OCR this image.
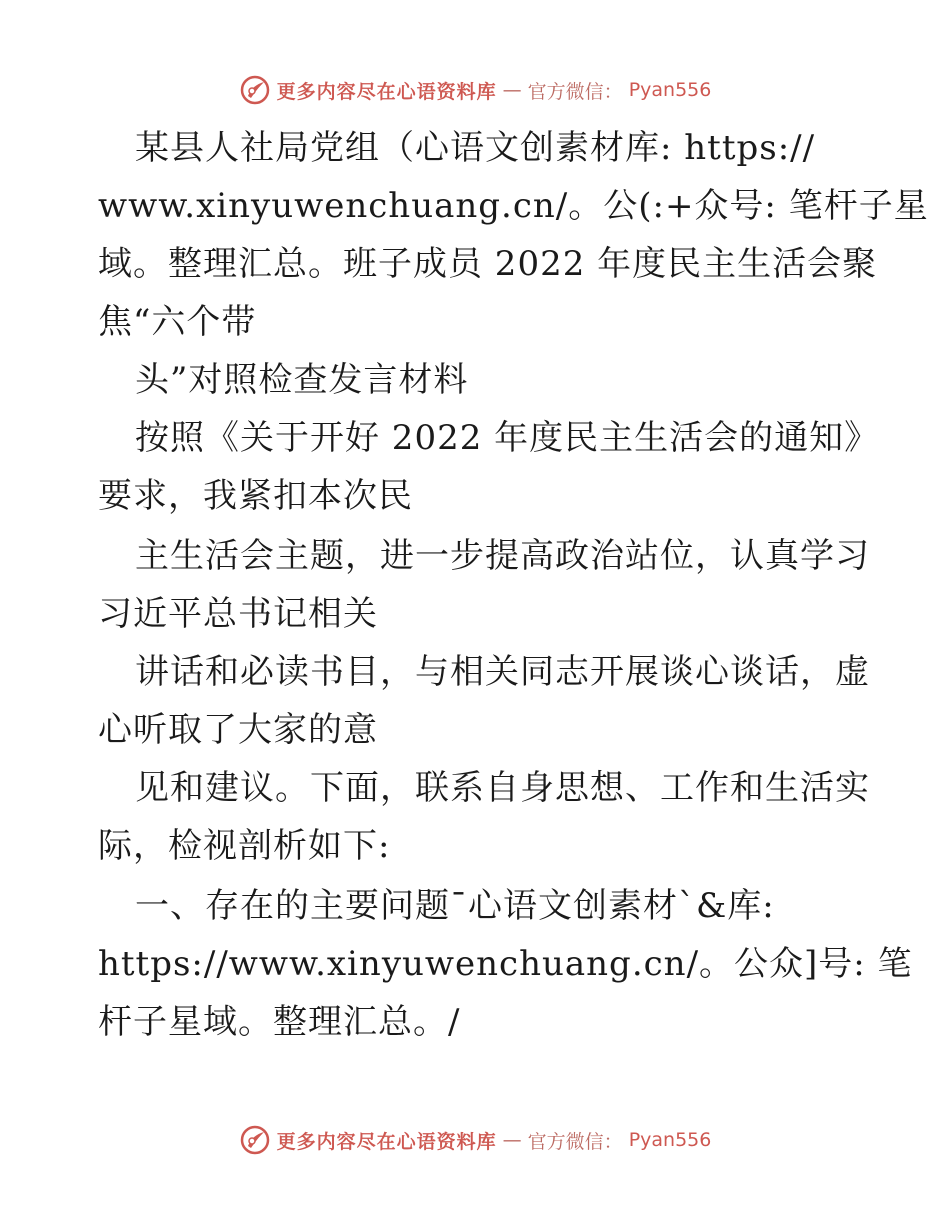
更多内容尽在心语资料库 — 官方微信： Pyan556
某县人社局党组（心语文创素材库: https://
www.xinyuwenchuang.cn/。公(:+众号: 笔杆子星
域。整理汇总。班子成员 2022 年度民主生活会聚
焦“六个带
头”对照检查发言材料
按照《关于开好 2022 年度民主生活会的通知》
要求，我紧扣本次民
主生活会主题，进一步提高政治站位，认真学习
习近平总书记相关
讲话和必读书目，与相关同志开展谈心谈话，虚
心听取了大家的意
见和建议。下面，联系自身思想、工作和生活实
际，检视剖析如下:
一、存在的主要问题¯心语文创素材`&库:
https://www.xinyuwenchuang.cn/。公众]号: 笔
杆子星域。整理汇总。/
更多内容尽在心语资料库 — 官方微信： Pyan556
